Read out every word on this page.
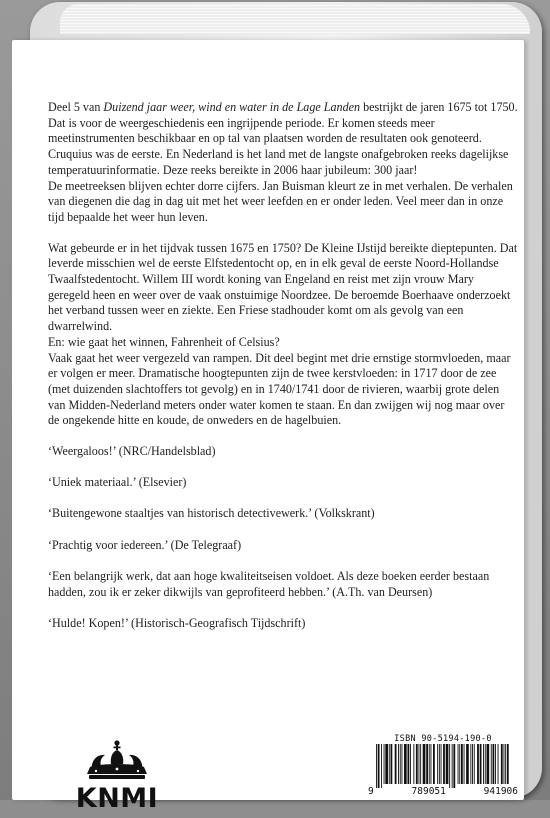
Deel 5 van Duizend jaar weer, wind en water in de Lage Landen bestrijkt de jaren 1675 tot 1750. Dat is voor de weergeschiedenis een ingrijpende periode. Er komen steeds meer meetinstrumenten beschikbaar en op tal van plaatsen worden de resultaten ook genoteerd.

Cruquius was de eerste. En Nederland is het land met de langste onafgebroken reeks dagelijkse temperatuurinformatie. Deze reeks bereikte in 2006 haar jubileum: 300 jaar!

De meetreeksen blijven echter dorre cijfers. Jan Buisman kleurt ze in met verhalen. De verhalen van diegenen die dag in dag uit met het weer leefden en er onder leden. Veel meer dan in onze tijd bepaalde het weer hun leven.

Wat gebeurde er in het tijdvak tussen 1675 en 1750? De Kleine IJstijd bereikte dieptepunten. Dat leverde misschien wel de eerste Elfstedentocht op, en in elk geval de eerste Noord-Hollandse Twaalfstedentocht. Willem III wordt koning van Engeland en reist met zijn vrouw Mary geregeld heen en weer over de vaak onstuimige Noordzee. De beroemde Boerhaave onderzoekt het verband tussen weer en ziekte. Een Friese stadhouder komt om als gevolg van een dwarrelwind.

En: wie gaat het winnen, Fahrenheit of Celsius?

Vaak gaat het weer vergezeld van rampen. Dit deel begint met drie ernstige stormvloeden, maar er volgen er meer. Dramatische hoogtepunten zijn de twee kerstvloeden: in 1717 door de zee (met duizenden slachtoffers tot gevolg) en in 1740/1741 door de rivieren, waarbij grote delen van Midden-Nederland meters onder water komen te staan. En dan zwijgen wij nog maar over de ongekende hitte en koude, de onweders en de hagelbuien.

‘Weergaloos!’ (NRC/Handelsblad)

‘Uniek materiaal.’ (Elsevier)

‘Buitengewone staaltjes van historisch detectivewerk.’ (Volkskrant)

‘Prachtig voor iedereen.’ (De Telegraaf)

‘Een belangrijk werk, dat aan hoge kwaliteitseisen voldoet. Als deze boeken eerder bestaan hadden, zou ik er zeker dikwijls van geprofiteerd hebben.’ (A.Th. van Deursen)

‘Hulde! Kopen!’ (Historisch-Geografisch Tijdschrift)

KNMI
ISBN 90-5194-190-0
9	789051	941906
